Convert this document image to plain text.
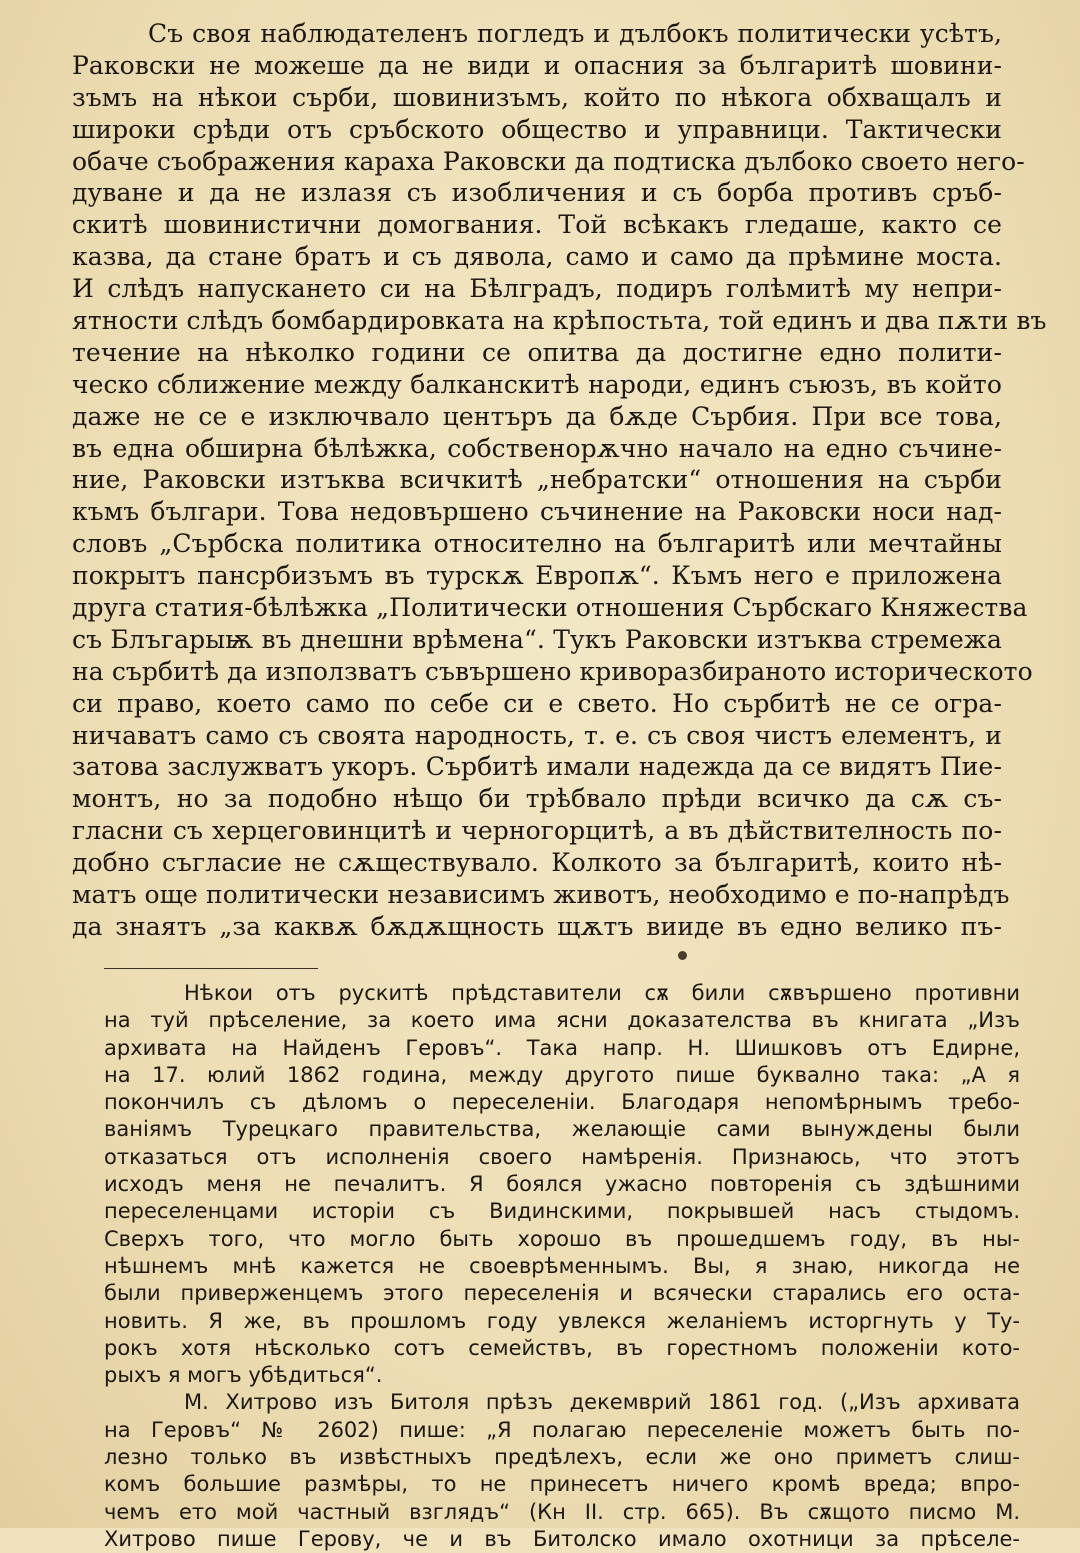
Съ своя наблюдателенъ погледъ и дълбокъ политически усѣтъ,
Раковски не можеше да не види и опасния за българитѣ шовини-
зъмъ на нѣкои сърби, шовинизъмъ, който по нѣкога обхващалъ и
широки срѣди отъ сръбското общество и управници. Тактически
обаче съображения караха Раковски да подтиска дълбоко своето него-
дуване и да не излазя съ изобличения и съ борба противъ сръб-
скитѣ шовинистични домогвания. Той всѣкакъ гледаше, както се
казва, да стане братъ и съ дявола, само и само да прѣмине моста.
И слѣдъ напускането си на Бѣлградъ, подиръ голѣмитѣ му непри-
ятности слѣдъ бомбардировката на крѣпостьта, той единъ и два пѫти въ
течение на нѣколко години се опитва да достигне едно полити-
ческо сближение между балканскитѣ народи, единъ съюзъ, въ който
даже не се е изключвало центъръ да бѫде Сърбия. При все това,
въ една обширна бѣлѣжка, собственорѫчно начало на едно съчине-
ние, Раковски изтъква всичкитѣ „небратски“ отношения на сърби
къмъ българи. Това недовършено съчинение на Раковски носи над-
словъ „Сърбска политика относително на българитѣ или мечтайны
покрытъ пансрбизъмъ въ турскѫ Европѫ“. Къмъ него е приложена
друга статия-бѣлѣжка „Политически отношения Сърбскаго Княжества
съ Блъгарыѭ въ днешни врѣмена“. Тукъ Раковски изтъква стремежа
на сърбитѣ да използватъ съвършено криворазбираното историческото
си право, което само по себе си е свето. Но сърбитѣ не се огра-
ничаватъ само съ своята народность, т. е. съ своя чистъ елементъ, и
затова заслужватъ укоръ. Сърбитѣ имали надежда да се видятъ Пие-
монтъ, но за подобно нѣщо би трѣбвало прѣди всичко да сѫ съ-
гласни съ херцеговинцитѣ и черногорцитѣ, а въ дѣйствителность по-
добно съгласие не сѫществувало. Колкото за българитѣ, които нѣ-
матъ още политически независимъ животъ, необходимо е по-напрѣдъ
да знаятъ „за каквѫ бѫдѫщность щѫтъ вииде въ едно велико пъ-
Нѣкои отъ рускитѣ прѣдставители сѫ били сѫвършено противни
на туй прѣселение, за което има ясни доказателства въ книгата „Изъ
архивата на Найденъ Геровъ“. Така напр. Н. Шишковъ отъ Едирне,
на 17. юлий 1862 година, между другото пише буквално така: „А я
покончилъ съ дѣломъ о переселенiи. Благодаря непомѣрнымъ требо-
ваніямъ Турецкаго правительства, желающіе сами вынуждены были
отказаться отъ исполненія своего намѣренія. Признаюсь, что этотъ
исходъ меня не печалитъ. Я боялся ужасно повторенія съ здѣшними
переселенцами исторіи съ Видинскими, покрывшей насъ стыдомъ.
Сверхъ того, что могло быть хорошо въ прошедшемъ году, въ ны-
нѣшнемъ мнѣ кажется не своеврѣменнымъ. Вы, я знаю, никогда не
были приверженцемъ этого переселенія и всячески старались его оста-
новить. Я же, въ прошломъ году увлекся желаніемъ исторгнуть у Ту-
рокъ хотя нѣсколько сотъ семействъ, въ горестномъ положеніи кото-
рыхъ я могъ убѣдиться“.
М. Хитрово изъ Битоля прѣзъ декемврий 1861 год. („Изъ архивата
на Геровъ“ № 2602) пише: „Я полагаю переселеніе можетъ быть по-
лезно только въ извѣстныхъ предѣлехъ, если же оно приметъ слиш-
комъ большие размѣры, то не принесетъ ничего кромѣ вреда; впро-
чемъ ето мой частный взглядъ“ (Кн II. стр. 665). Въ сѫщото писмо М.
Хитрово пише Герову, че и въ Битолско имало охотници за прѣселе-
